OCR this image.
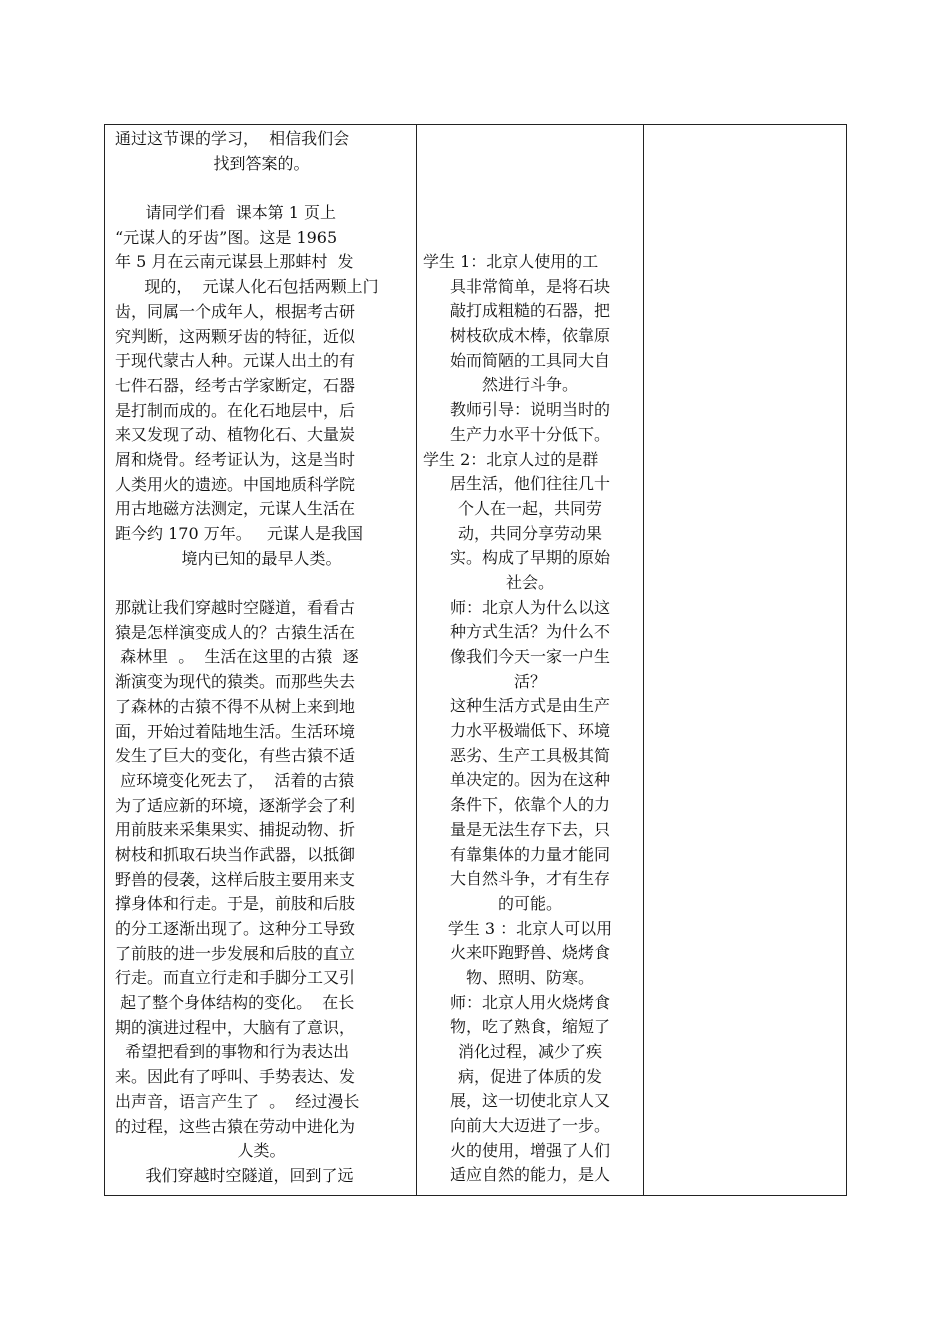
通过这节课的学习，  相信我们会
找到答案的。
请同学们看  课本第 1 页上
“元谋人的牙齿”图。这是 1965
年 5 月在云南元谋县上那蚌村  发
现的，  元谋人化石包括两颗上门
齿，同属一个成年人，根据考古研
究判断，这两颗牙齿的特征，近似
于现代蒙古人种。元谋人出土的有
七件石器，经考古学家断定，石器
是打制而成的。在化石地层中，后
来又发现了动、植物化石、大量炭
屑和烧骨。经考证认为，这是当时
人类用火的遗迹。中国地质科学院
用古地磁方法测定，元谋人生活在
距今约 170 万年。   元谋人是我国
境内已知的最早人类。
那就让我们穿越时空隧道，看看古
猿是怎样演变成人的？古猿生活在
森林里  。  生活在这里的古猿  逐
渐演变为现代的猿类。而那些失去
了森林的古猿不得不从树上来到地
面，开始过着陆地生活。生活环境
发生了巨大的变化，有些古猿不适
应环境变化死去了，  活着的古猿
为了适应新的环境，逐渐学会了利
用前肢来采集果实、捕捉动物、折
树枝和抓取石块当作武器，以抵御
野兽的侵袭，这样后肢主要用来支
撑身体和行走。于是，前肢和后肢
的分工逐渐出现了。这种分工导致
了前肢的进一步发展和后肢的直立
行走。而直立行走和手脚分工又引
起了整个身体结构的变化。  在长
期的演进过程中，大脑有了意识，
希望把看到的事物和行为表达出
来。因此有了呼叫、手势表达、发
出声音，语言产生了  。  经过漫长
的过程，这些古猿在劳动中进化为
人类。
我们穿越时空隧道，回到了远
学生 1：北京人使用的工
具非常简单，是将石块
敲打成粗糙的石器，把
树枝砍成木棒，依靠原
始而简陋的工具同大自
然进行斗争。
教师引导：说明当时的
生产力水平十分低下。
学生 2：北京人过的是群
居生活，他们往往几十
个人在一起，共同劳
动，共同分享劳动果
实。构成了早期的原始
社会。
师：北京人为什么以这
种方式生活？为什么不
像我们今天一家一户生
活？
这种生活方式是由生产
力水平极端低下、环境
恶劣、生产工具极其简
单决定的。因为在这种
条件下，依靠个人的力
量是无法生存下去，只
有靠集体的力量才能同
大自然斗争，才有生存
的可能。
学生 3 ：北京人可以用
火来吓跑野兽、烧烤食
物、照明、防寒。
师：北京人用火烧烤食
物，吃了熟食，缩短了
消化过程，减少了疾
病，促进了体质的发
展，这一切使北京人又
向前大大迈进了一步。
火的使用，增强了人们
适应自然的能力，是人
